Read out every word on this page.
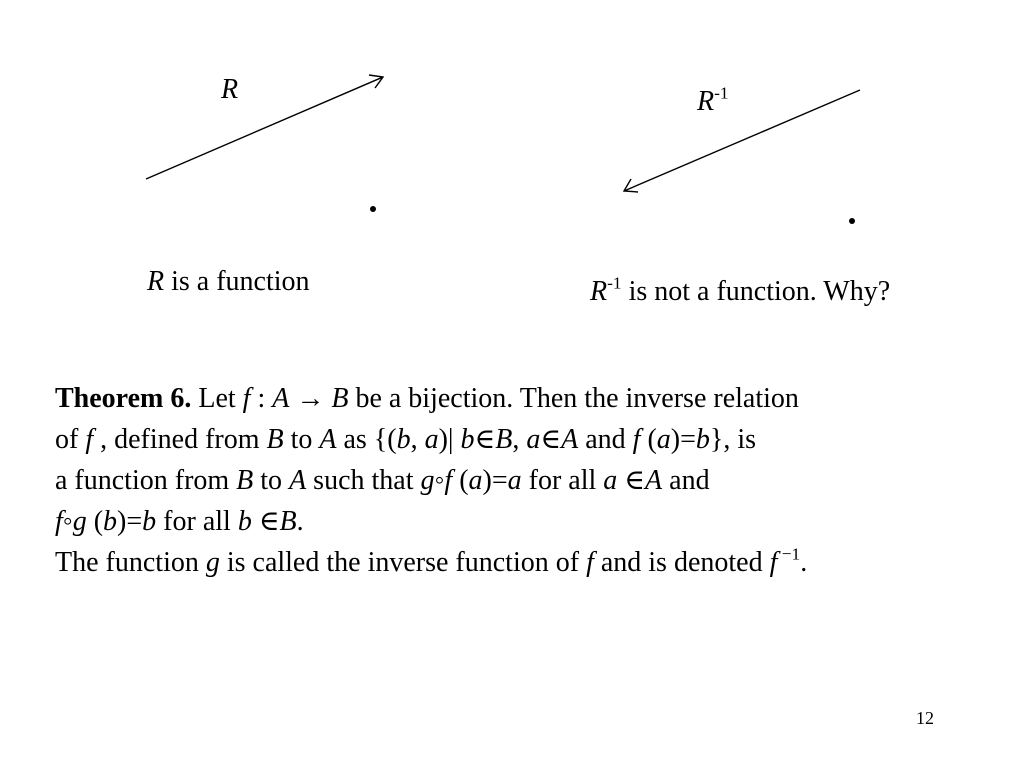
R	$R^{-1}$
R is a function	$R^{-1}$ is not a function. Why?
Theorem 6. Let f : A → B be a bijection. Then the inverse relation
of f , defined from B to A as {(b, a)| b∈B, a∈A and f (a)=b}, is
a function from B to A such that g◦f (a)=a for all a ∈A and
f◦g (b)=b for all b ∈B.
The function g is called the inverse function of f and is denoted f $^{-1}$.
12
